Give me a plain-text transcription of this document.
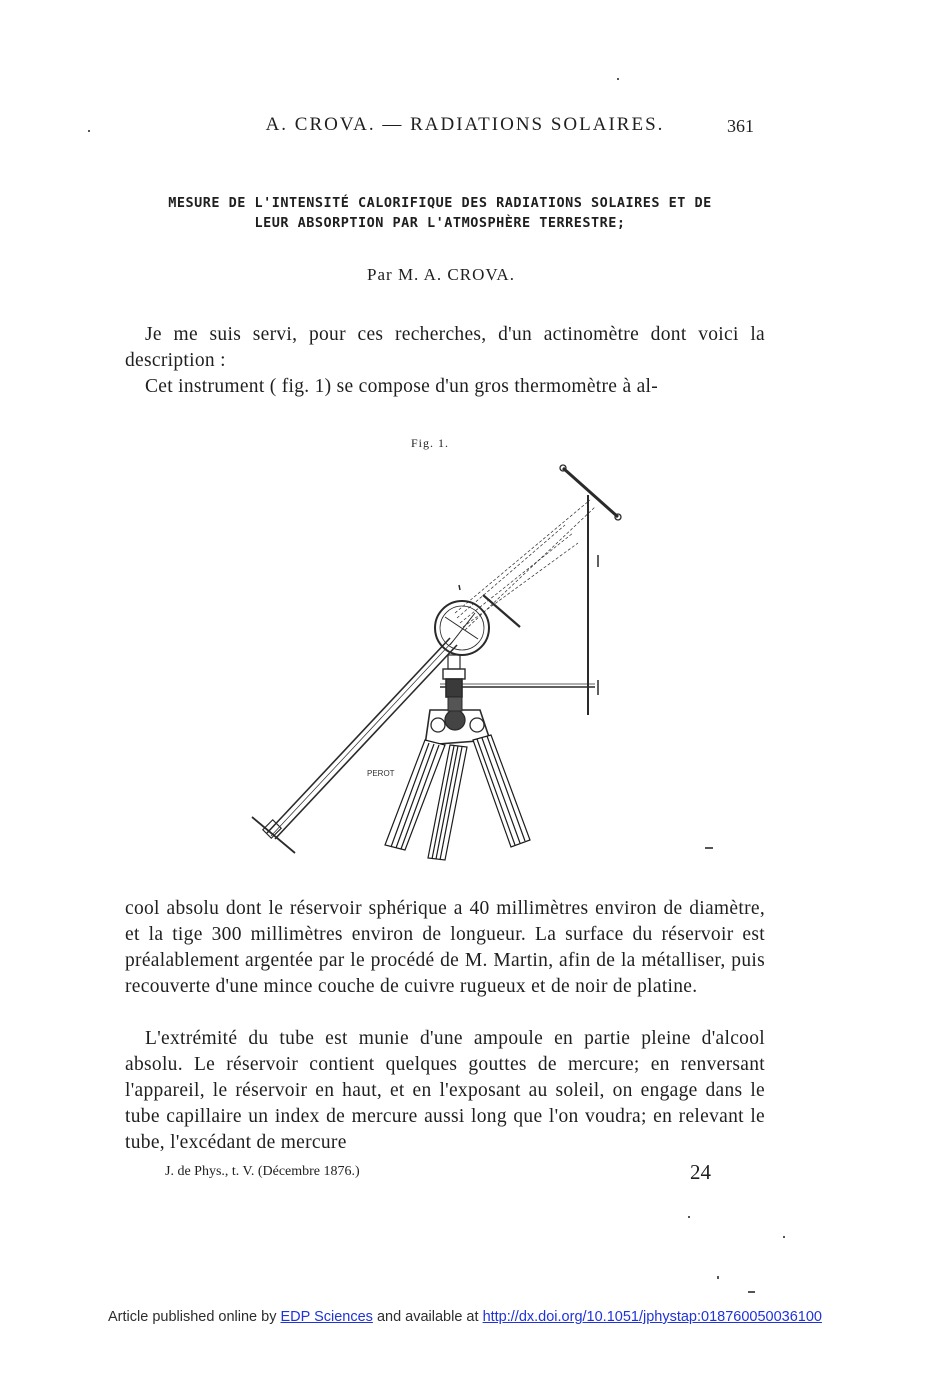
A. CROVA. — RADIATIONS SOLAIRES.	361
MESURE DE L'INTENSITÉ CALORIFIQUE DES RADIATIONS SOLAIRES ET DE
LEUR ABSORPTION PAR L'ATMOSPHÈRE TERRESTRE;
Par M. A. CROVA.
Je me suis servi, pour ces recherches, d'un actinomètre dont voici la description :
Cet instrument ( fig. 1) se compose d'un gros thermomètre à al-
Fig. 1.
PEROT
cool absolu dont le réservoir sphérique a 40 millimètres environ de diamètre, et la tige 300 millimètres environ de longueur. La surface du réservoir est préalablement argentée par le procédé de M. Martin, afin de la métalliser, puis recouverte d'une mince couche de cuivre rugueux et de noir de platine.
L'extrémité du tube est munie d'une ampoule en partie pleine d'alcool absolu. Le réservoir contient quelques gouttes de mercure; en renversant l'appareil, le réservoir en haut, et en l'exposant au soleil, on engage dans le tube capillaire un index de mercure aussi long que l'on voudra; en relevant le tube, l'excédant de mercure
J. de Phys., t. V. (Décembre 1876.)	24
Article published online by EDP Sciences and available at http://dx.doi.org/10.1051/jphystap:018760050036100
